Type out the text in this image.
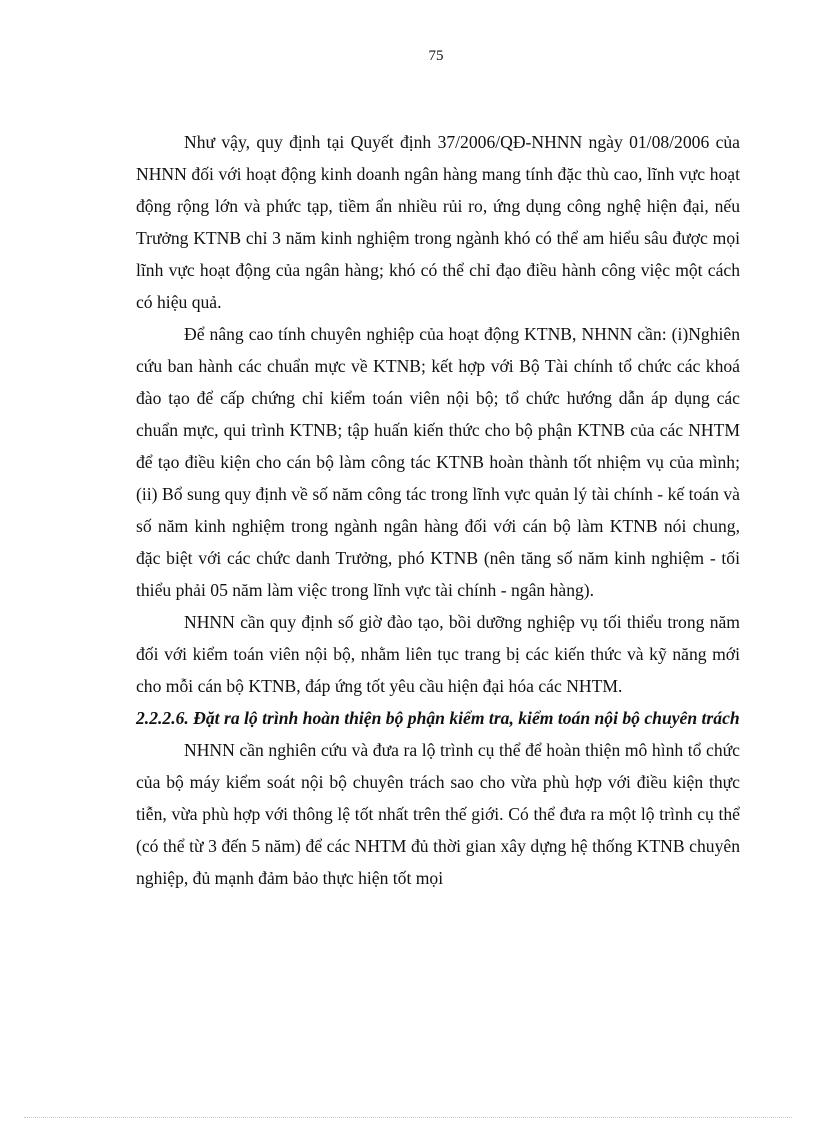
75

Như vậy, quy định tại Quyết định 37/2006/QĐ-NHNN ngày 01/08/2006 của NHNN đối với hoạt động kinh doanh ngân hàng mang tính đặc thù cao, lĩnh vực hoạt động rộng lớn và phức tạp, tiềm ẩn nhiều rủi ro, ứng dụng công nghệ hiện đại, nếu Trưởng KTNB chỉ 3 năm kinh nghiệm trong ngành khó có thể am hiểu sâu được mọi lĩnh vực hoạt động của ngân hàng; khó có thể chỉ đạo điều hành công việc một cách có hiệu quả.

Để nâng cao tính chuyên nghiệp của hoạt động KTNB, NHNN cần: (i)Nghiên cứu ban hành các chuẩn mực về KTNB; kết hợp với Bộ Tài chính tổ chức các khoá đào tạo để cấp chứng chỉ kiểm toán viên nội bộ; tổ chức hướng dẫn áp dụng các chuẩn mực, qui trình KTNB; tập huấn kiến thức cho bộ phận KTNB của các NHTM để tạo điều kiện cho cán bộ làm công tác KTNB hoàn thành tốt nhiệm vụ của mình; (ii) Bổ sung quy định về số năm công tác trong lĩnh vực quản lý tài chính - kế toán và số năm kinh nghiệm trong ngành ngân hàng đối với cán bộ làm KTNB nói chung, đặc biệt với các chức danh Trưởng, phó KTNB (nên tăng số năm kinh nghiệm - tối thiểu phải 05 năm làm việc trong lĩnh vực tài chính - ngân hàng).

NHNN cần quy định số giờ đào tạo, bồi dưỡng nghiệp vụ tối thiểu trong năm đối với kiểm toán viên nội bộ, nhằm liên tục trang bị các kiến thức và kỹ năng mới cho mỗi cán bộ KTNB, đáp ứng tốt yêu cầu hiện đại hóa các NHTM.

2.2.2.6. Đặt ra lộ trình hoàn thiện bộ phận kiểm tra, kiểm toán nội bộ chuyên trách

NHNN cần nghiên cứu và đưa ra lộ trình cụ thể để hoàn thiện mô hình tổ chức của bộ máy kiểm soát nội bộ chuyên trách sao cho vừa phù hợp với điều kiện thực tiễn, vừa phù hợp với thông lệ tốt nhất trên thế giới. Có thể đưa ra một lộ trình cụ thể (có thể từ 3 đến 5 năm) để các NHTM đủ thời gian xây dựng hệ thống KTNB chuyên nghiệp, đủ mạnh đảm bảo thực hiện tốt mọi
